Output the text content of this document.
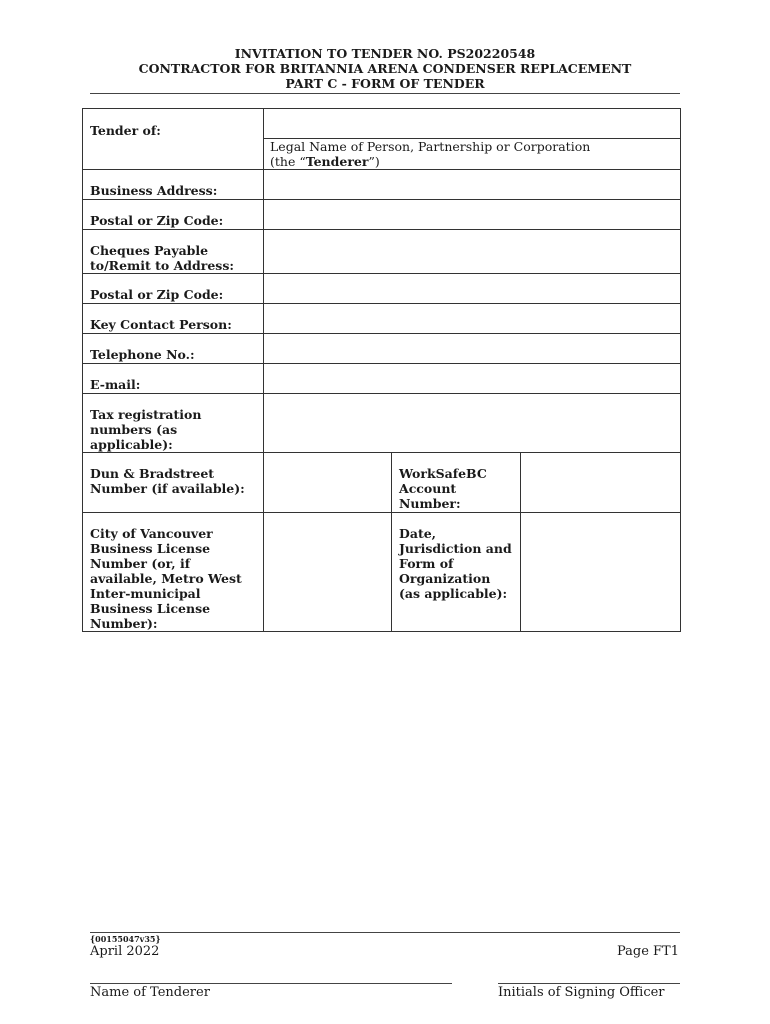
INVITATION TO TENDER NO. PS20220548
CONTRACTOR FOR BRITANNIA ARENA CONDENSER REPLACEMENT
PART C - FORM OF TENDER
Tender of:			

	Legal Name of Person, Partnership or Corporation
(the “Tenderer”)		

Business Address:			
Postal or Zip Code:			
Cheques Payable to/Remit to Address:			
Postal or Zip Code:			
Key Contact Person:			
Telephone No.:			
E-mail:			
Tax registration numbers (as applicable):			
Dun & Bradstreet Number (if available):		WorkSafeBC Account Number:	
City of Vancouver Business License Number (or, if available, Metro West Inter-municipal Business License Number):		Date, Jurisdiction and Form of Organization (as applicable):	
{00155047v35}
April 2022	Page FT1
Name of Tenderer	Initials of Signing Officer
